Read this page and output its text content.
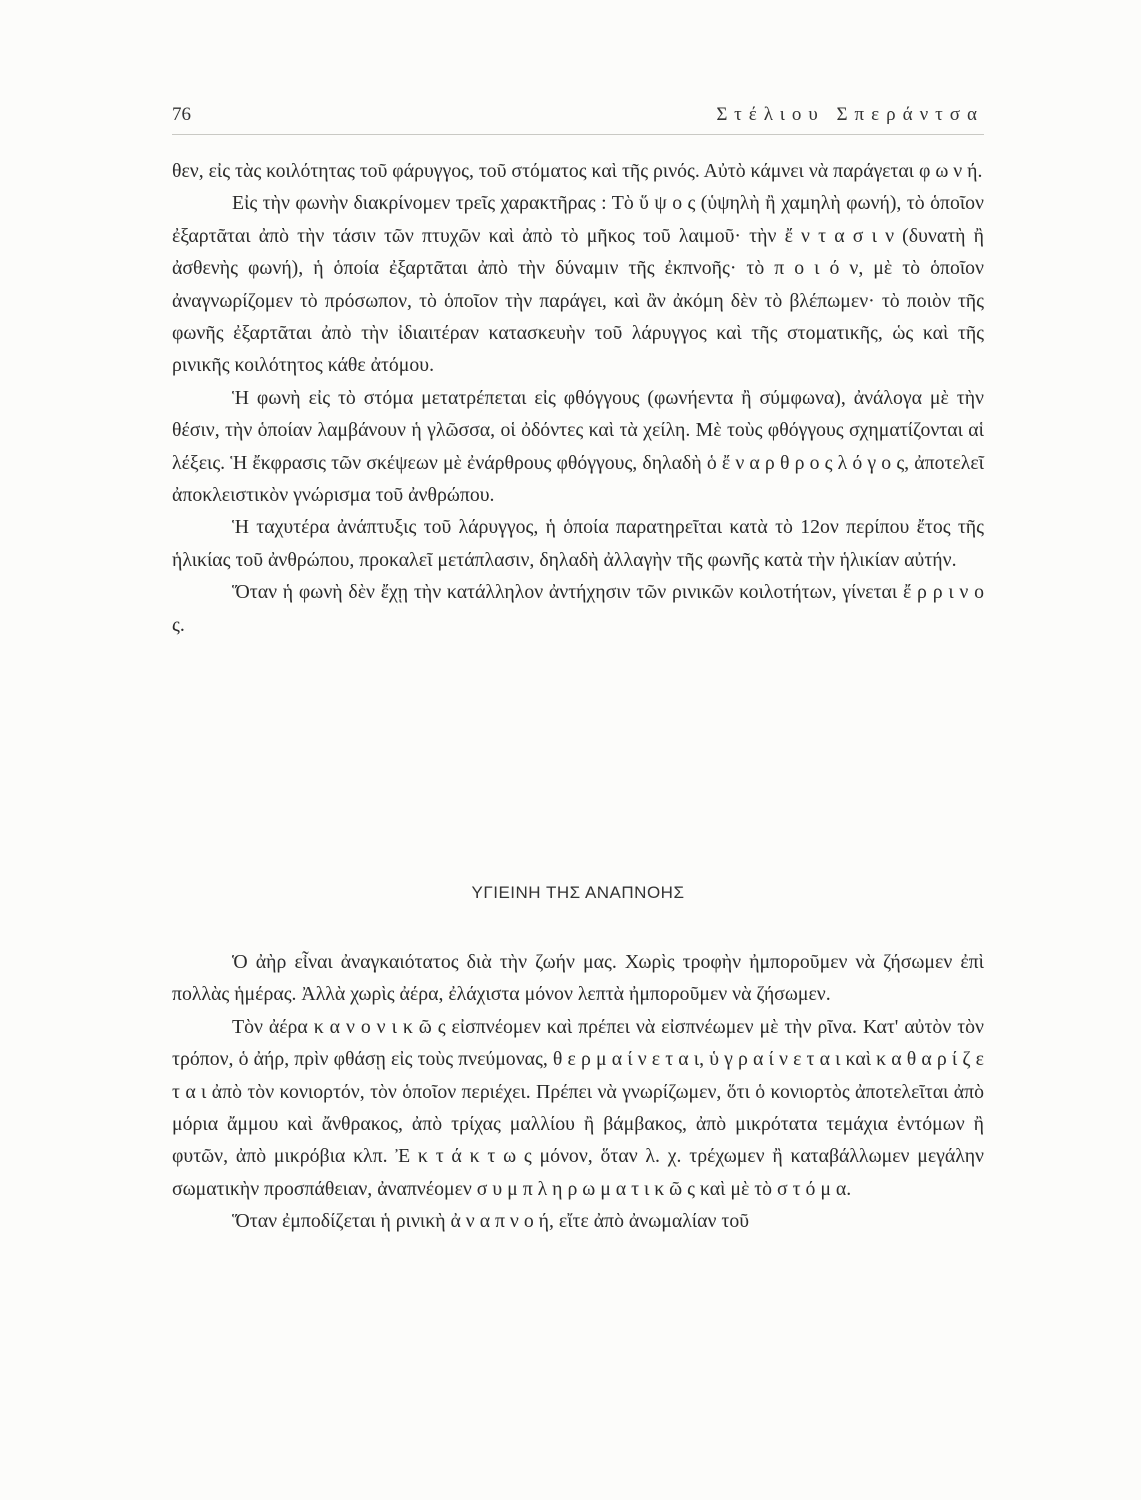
76	Στέλιου Σπεράντσα

θεν, εἰς τὰς κοιλότητας τοῦ φάρυγγος, τοῦ στόματος καὶ τῆς ρινός. Αὐτὸ κάμνει νὰ παράγεται φ ω ν ή.

Εἰς τὴν φωνὴν διακρίνομεν τρεῖς χαρακτῆρας : Τὸ ὕ ψ ο ς (ὑψηλὴ ἢ χαμηλὴ φωνή), τὸ ὁποῖον ἐξαρτᾶται ἀπὸ τὴν τάσιν τῶν πτυχῶν καὶ ἀπὸ τὸ μῆκος τοῦ λαιμοῦ· τὴν ἔ ν τ α σ ι ν (δυνατὴ ἢ ἀσθενὴς φωνή), ἡ ὁποία ἐξαρτᾶται ἀπὸ τὴν δύναμιν τῆς ἐκπνοῆς· τὸ π ο ι ό ν, μὲ τὸ ὁποῖον ἀναγνωρίζομεν τὸ πρόσωπον, τὸ ὁποῖον τὴν παράγει, καὶ ἂν ἀκόμη δὲν τὸ βλέπωμεν· τὸ ποιὸν τῆς φωνῆς ἐξαρτᾶται ἀπὸ τὴν ἰδιαιτέραν κατασκευὴν τοῦ λάρυγγος καὶ τῆς στοματικῆς, ὡς καὶ τῆς ρινικῆς κοιλότητος κάθε ἀτόμου.

Ἡ φωνὴ εἰς τὸ στόμα μετατρέπεται εἰς φθόγγους (φωνήεντα ἢ σύμφωνα), ἀνάλογα μὲ τὴν θέσιν, τὴν ὁποίαν λαμβάνουν ἡ γλῶσσα, οἱ ὀδόντες καὶ τὰ χείλη. Μὲ τοὺς φθόγγους σχηματίζονται αἱ λέξεις. Ἡ ἔκφρασις τῶν σκέψεων μὲ ἐνάρθρους φθόγγους, δηλαδὴ ὁ ἔ ν α ρ θ ρ ο ς λ ό γ ο ς, ἀποτελεῖ ἀποκλειστικὸν γνώρισμα τοῦ ἀνθρώπου.

Ἡ ταχυτέρα ἀνάπτυξις τοῦ λάρυγγος, ἡ ὁποία παρατηρεῖται κατὰ τὸ 12ον περίπου ἔτος τῆς ἡλικίας τοῦ ἀνθρώπου, προκαλεῖ μετάπλασιν, δηλαδὴ ἀλλαγὴν τῆς φωνῆς κατὰ τὴν ἡλικίαν αὐτήν.

Ὅταν ἡ φωνὴ δὲν ἔχῃ τὴν κατάλληλον ἀντήχησιν τῶν ρινικῶν κοιλοτήτων, γίνεται ἔ ρ ρ ι ν ο ς.

ΥΓΙΕΙΝΗ ΤΗΣ ΑΝΑΠΝΟΗΣ

Ὁ ἀὴρ εἶναι ἀναγκαιότατος διὰ τὴν ζωήν μας. Χωρὶς τροφὴν ἠμποροῦμεν νὰ ζήσωμεν ἐπὶ πολλὰς ἡμέρας. Ἀλλὰ χωρὶς ἀέρα, ἐλάχιστα μόνον λεπτὰ ἠμποροῦμεν νὰ ζήσωμεν.

Τὸν ἀέρα κ α ν ο ν ι κ ῶ ς εἰσπνέομεν καὶ πρέπει νὰ εἰσπνέωμεν μὲ τὴν ρῖνα. Κατ' αὐτὸν τὸν τρόπον, ὁ ἀήρ, πρὶν φθάσῃ εἰς τοὺς πνεύμονας, θ ε ρ μ α ί ν ε τ α ι, ὑ γ ρ α ί ν ε τ α ι καὶ κ α θ α ρ ί ζ ε τ α ι ἀπὸ τὸν κονιορτόν, τὸν ὁποῖον περιέχει. Πρέπει νὰ γνωρίζωμεν, ὅτι ὁ κονιορτὸς ἀποτελεῖται ἀπὸ μόρια ἄμμου καὶ ἄνθρακος, ἀπὸ τρίχας μαλλίου ἢ βάμβακος, ἀπὸ μικρότατα τεμάχια ἐντόμων ἢ φυτῶν, ἀπὸ μικρόβια κλπ. Ἐ κ τ ά κ τ ω ς μόνον, ὅταν λ. χ. τρέχωμεν ἢ καταβάλλωμεν μεγάλην σωματικὴν προσπάθειαν, ἀναπνέομεν σ υ μ π λ η ρ ω μ α τ ι κ ῶ ς καὶ μὲ τὸ σ τ ό μ α.

Ὅταν ἐμποδίζεται ἡ ρινικὴ ἀ ν α π ν ο ή, εἴτε ἀπὸ ἀνωμαλίαν τοῦ
